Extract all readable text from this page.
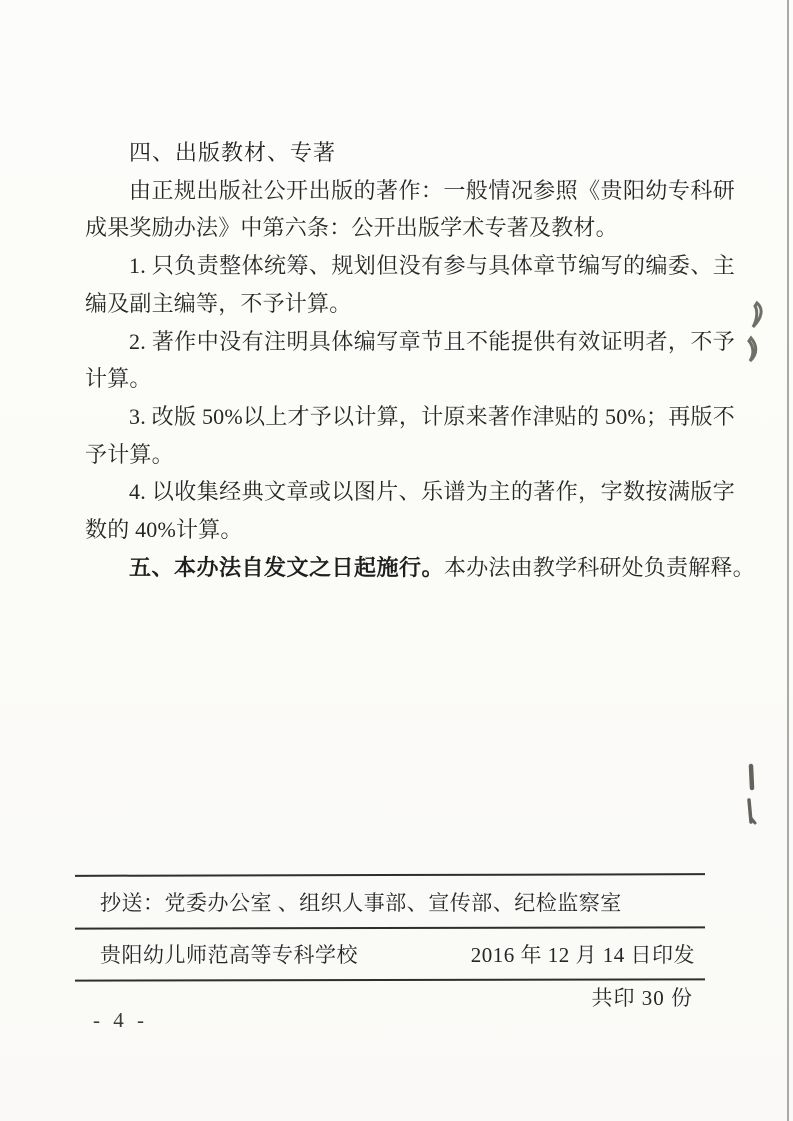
四、出版教材、专著

由正规出版社公开出版的著作：一般情况参照《贵阳幼专科研成果奖励办法》中第六条：公开出版学术专著及教材。

1. 只负责整体统筹、规划但没有参与具体章节编写的编委、主编及副主编等，不予计算。

2. 著作中没有注明具体编写章节且不能提供有效证明者，不予计算。

3. 改版 50%以上才予以计算，计原来著作津贴的 50%；再版不予计算。

4. 以收集经典文章或以图片、乐谱为主的著作，字数按满版字数的 40%计算。

五、本办法自发文之日起施行。本办法由教学科研处负责解释。

抄送：党委办公室 、组织人事部、宣传部、纪检监察室
贵阳幼儿师范高等专科学校	2016 年 12 月 14 日印发
共印 30 份
- 4 -
